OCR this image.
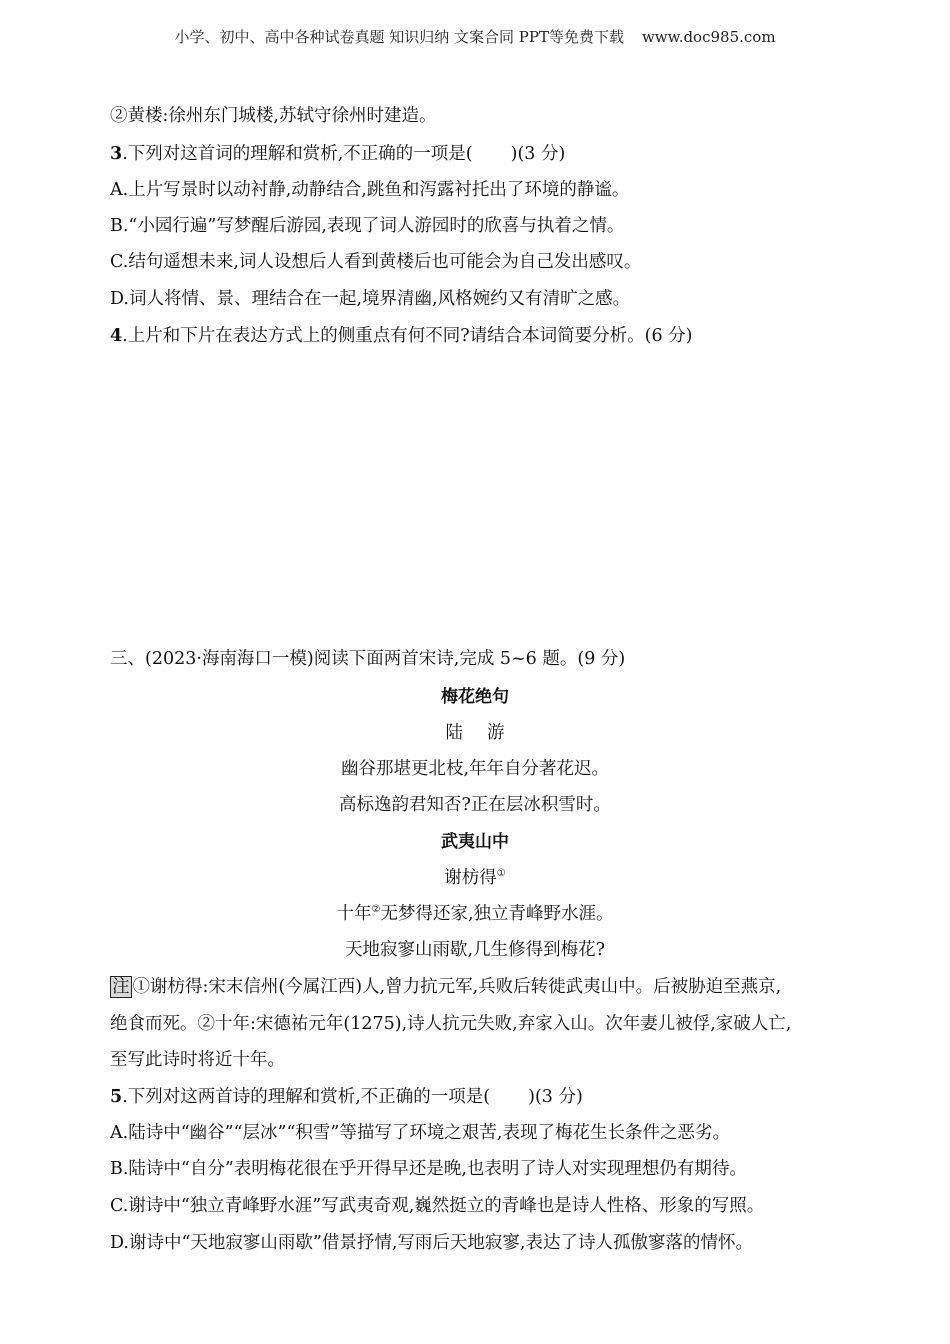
小学、初中、高中各种试卷真题 知识归纳 文案合同 PPT等免费下载 www.doc985.com
②黄楼:徐州东门城楼,苏轼守徐州时建造。
3.下列对这首词的理解和赏析,不正确的一项是( )(3 分)
A.上片写景时以动衬静,动静结合,跳鱼和泻露衬托出了环境的静谧。
B.“小园行遍”写梦醒后游园,表现了词人游园时的欣喜与执着之情。
C.结句遥想未来,词人设想后人看到黄楼后也可能会为自己发出感叹。
D.词人将情、景、理结合在一起,境界清幽,风格婉约又有清旷之感。
4.上片和下片在表达方式上的侧重点有何不同?请结合本词简要分析。(6 分)
三、(2023·海南海口一模)阅读下面两首宋诗,完成 5~6 题。(9 分)
梅花绝句
陆 游
幽谷那堪更北枝,年年自分著花迟。
高标逸韵君知否?正在层冰积雪时。
武夷山中
谢枋得①
十年②无梦得还家,独立青峰野水涯。
天地寂寥山雨歇,几生修得到梅花?
注 ①谢枋得:宋末信州(今属江西)人,曾力抗元军,兵败后转徙武夷山中。后被胁迫至燕京,
绝食而死。②十年:宋德祐元年(1275),诗人抗元失败,弃家入山。次年妻儿被俘,家破人亡,
至写此诗时将近十年。
5.下列对这两首诗的理解和赏析,不正确的一项是( )(3 分)
A.陆诗中“幽谷”“层冰”“积雪”等描写了环境之艰苦,表现了梅花生长条件之恶劣。
B.陆诗中“自分”表明梅花很在乎开得早还是晚,也表明了诗人对实现理想仍有期待。
C.谢诗中“独立青峰野水涯”写武夷奇观,巍然挺立的青峰也是诗人性格、形象的写照。
D.谢诗中“天地寂寥山雨歇”借景抒情,写雨后天地寂寥,表达了诗人孤傲寥落的情怀。
